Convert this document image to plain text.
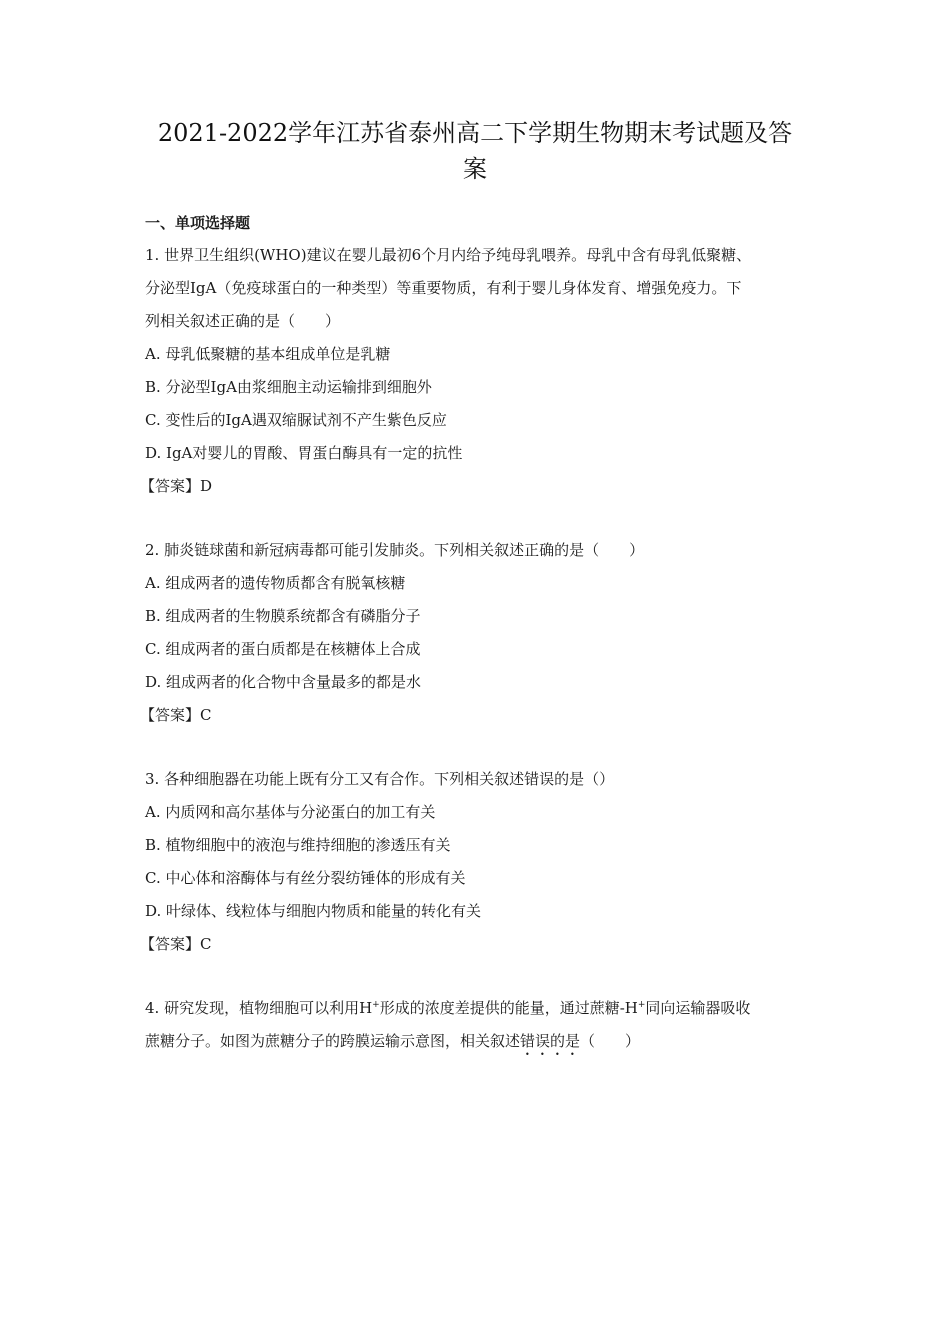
2021-2022学年江苏省泰州高二下学期生物期末考试题及答
案
一、单项选择题
1. 世界卫生组织(WHO)建议在婴儿最初6个月内给予纯母乳喂养。母乳中含有母乳低聚糖、
分泌型IgA（免疫球蛋白的一种类型）等重要物质，有利于婴儿身体发育、增强免疫力。下
列相关叙述正确的是（　　）
A. 母乳低聚糖的基本组成单位是乳糖
B. 分泌型IgA由浆细胞主动运输排到细胞外
C. 变性后的IgA遇双缩脲试剂不产生紫色反应
D. IgA对婴儿的胃酸、胃蛋白酶具有一定的抗性
【答案】D
2. 肺炎链球菌和新冠病毒都可能引发肺炎。下列相关叙述正确的是（　　）
A. 组成两者的遗传物质都含有脱氧核糖
B. 组成两者的生物膜系统都含有磷脂分子
C. 组成两者的蛋白质都是在核糖体上合成
D. 组成两者的化合物中含量最多的都是水
【答案】C
3. 各种细胞器在功能上既有分工又有合作。下列相关叙述错误的是（）
A. 内质网和高尔基体与分泌蛋白的加工有关
B. 植物细胞中的液泡与维持细胞的渗透压有关
C. 中心体和溶酶体与有丝分裂纺锤体的形成有关
D. 叶绿体、线粒体与细胞内物质和能量的转化有关
【答案】C
4. 研究发现，植物细胞可以利用H+形成的浓度差提供的能量，通过蔗糖-H+同向运输器吸收
蔗糖分子。如图为蔗糖分子的跨膜运输示意图，相关叙述错误的是（　　）
